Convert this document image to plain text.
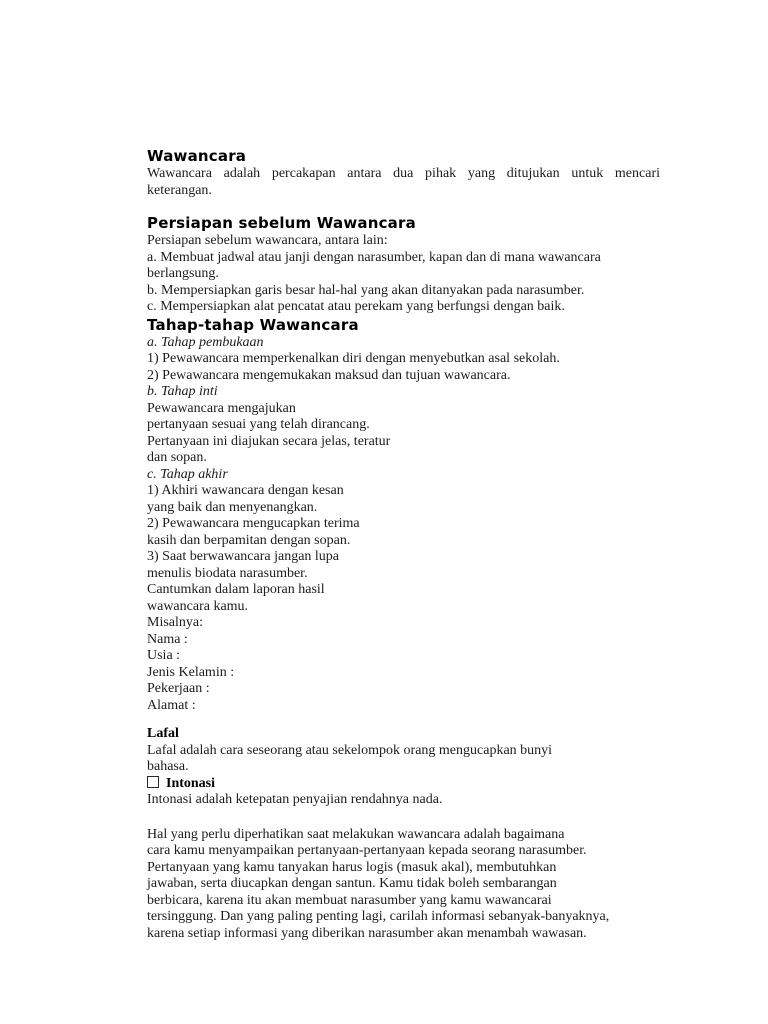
Wawancara
Wawancara adalah percakapan antara dua pihak yang ditujukan untuk mencari
keterangan.
Persiapan sebelum Wawancara
Persiapan sebelum wawancara, antara lain:
a. Membuat jadwal atau janji dengan narasumber, kapan dan di mana wawancara
berlangsung.
b. Mempersiapkan garis besar hal-hal yang akan ditanyakan pada narasumber.
c. Mempersiapkan alat pencatat atau perekam yang berfungsi dengan baik.
Tahap-tahap Wawancara
a. Tahap pembukaan
1) Pewawancara memperkenalkan diri dengan menyebutkan asal sekolah.
2) Pewawancara mengemukakan maksud dan tujuan wawancara.
b. Tahap inti
Pewawancara mengajukan
pertanyaan sesuai yang telah dirancang.
Pertanyaan ini diajukan secara jelas, teratur
dan sopan.
c. Tahap akhir
1) Akhiri wawancara dengan kesan
yang baik dan menyenangkan.
2) Pewawancara mengucapkan terima
kasih dan berpamitan dengan sopan.
3) Saat berwawancara jangan lupa
menulis biodata narasumber.
Cantumkan dalam laporan hasil
wawancara kamu.
Misalnya:
Nama :
Usia :
Jenis Kelamin :
Pekerjaan :
Alamat :
Lafal
Lafal adalah cara seseorang atau sekelompok orang mengucapkan bunyi
bahasa.
Intonasi
Intonasi adalah ketepatan penyajian rendahnya nada.
Hal yang perlu diperhatikan saat melakukan wawancara adalah bagaimana
cara kamu menyampaikan pertanyaan-pertanyaan kepada seorang narasumber.
Pertanyaan yang kamu tanyakan harus logis (masuk akal), membutuhkan
jawaban, serta diucapkan dengan santun. Kamu tidak boleh sembarangan
berbicara, karena itu akan membuat narasumber yang kamu wawancarai
tersinggung. Dan yang paling penting lagi, carilah informasi sebanyak-banyaknya,
karena setiap informasi yang diberikan narasumber akan menambah wawasan.
